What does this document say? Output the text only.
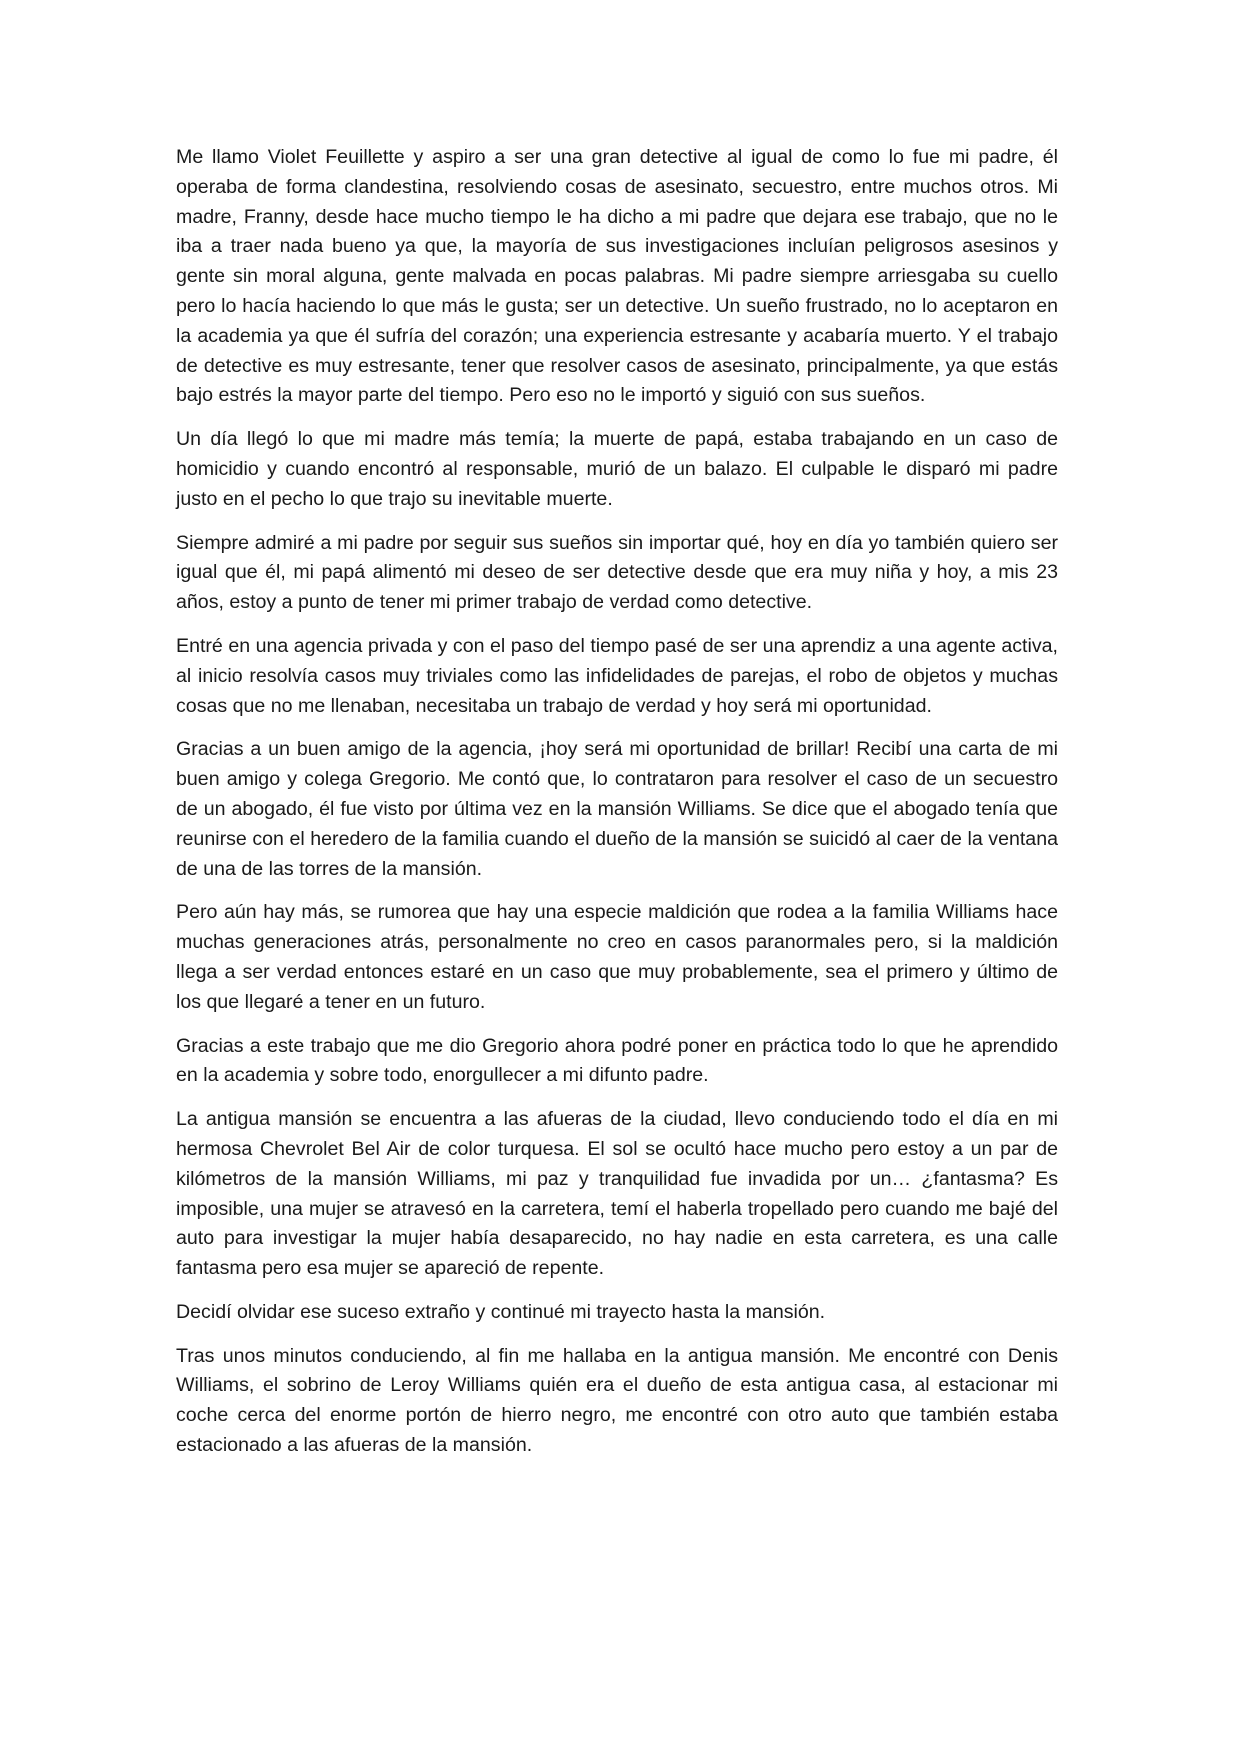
Me llamo Violet Feuillette y aspiro a ser una gran detective al igual de como lo fue mi padre, él operaba de forma clandestina, resolviendo cosas de asesinato, secuestro, entre muchos otros. Mi madre, Franny, desde hace mucho tiempo le ha dicho a mi padre que dejara ese trabajo, que no le iba a traer nada bueno ya que, la mayoría de sus investigaciones incluían peligrosos asesinos y gente sin moral alguna, gente malvada en pocas palabras. Mi padre siempre arriesgaba su cuello pero lo hacía haciendo lo que más le gusta; ser un detective. Un sueño frustrado, no lo aceptaron en la academia ya que él sufría del corazón; una experiencia estresante y acabaría muerto. Y el trabajo de detective es muy estresante, tener que resolver casos de asesinato, principalmente, ya que estás bajo estrés la mayor parte del tiempo. Pero eso no le importó y siguió con sus sueños.

Un día llegó lo que mi madre más temía; la muerte de papá, estaba trabajando en un caso de homicidio y cuando encontró al responsable, murió de un balazo. El culpable le disparó mi padre justo en el pecho lo que trajo su inevitable muerte.

Siempre admiré a mi padre por seguir sus sueños sin importar qué, hoy en día yo también quiero ser igual que él, mi papá alimentó mi deseo de ser detective desde que era muy niña y hoy, a mis 23 años, estoy a punto de tener mi primer trabajo de verdad como detective.

Entré en una agencia privada y con el paso del tiempo pasé de ser una aprendiz a una agente activa, al inicio resolvía casos muy triviales como las infidelidades de parejas, el robo de objetos y muchas cosas que no me llenaban, necesitaba un trabajo de verdad y hoy será mi oportunidad.

Gracias a un buen amigo de la agencia, ¡hoy será mi oportunidad de brillar! Recibí una carta de mi buen amigo y colega Gregorio. Me contó que, lo contrataron para resolver el caso de un secuestro de un abogado, él fue visto por última vez en la mansión Williams. Se dice que el abogado tenía que reunirse con el heredero de la familia cuando el dueño de la mansión se suicidó al caer de la ventana de una de las torres de la mansión.

Pero aún hay más, se rumorea que hay una especie maldición que rodea a la familia Williams hace muchas generaciones atrás, personalmente no creo en casos paranormales pero, si la maldición llega a ser verdad entonces estaré en un caso que muy probablemente, sea el primero y último de los que llegaré a tener en un futuro.

Gracias a este trabajo que me dio Gregorio ahora podré poner en práctica todo lo que he aprendido en la academia y sobre todo, enorgullecer a mi difunto padre.

La antigua mansión se encuentra a las afueras de la ciudad, llevo conduciendo todo el día en mi hermosa Chevrolet Bel Air de color turquesa. El sol se ocultó hace mucho pero estoy a un par de kilómetros de la mansión Williams, mi paz y tranquilidad fue invadida por un… ¿fantasma? Es imposible, una mujer se atravesó en la carretera, temí el haberla tropellado pero cuando me bajé del auto para investigar la mujer había desaparecido, no hay nadie en esta carretera, es una calle fantasma pero esa mujer se apareció de repente.

Decidí olvidar ese suceso extraño y continué mi trayecto hasta la mansión.

Tras unos minutos conduciendo, al fin me hallaba en la antigua mansión. Me encontré con Denis Williams, el sobrino de Leroy Williams quién era el dueño de esta antigua casa, al estacionar mi coche cerca del enorme portón de hierro negro, me encontré con otro auto que también estaba estacionado a las afueras de la mansión.
